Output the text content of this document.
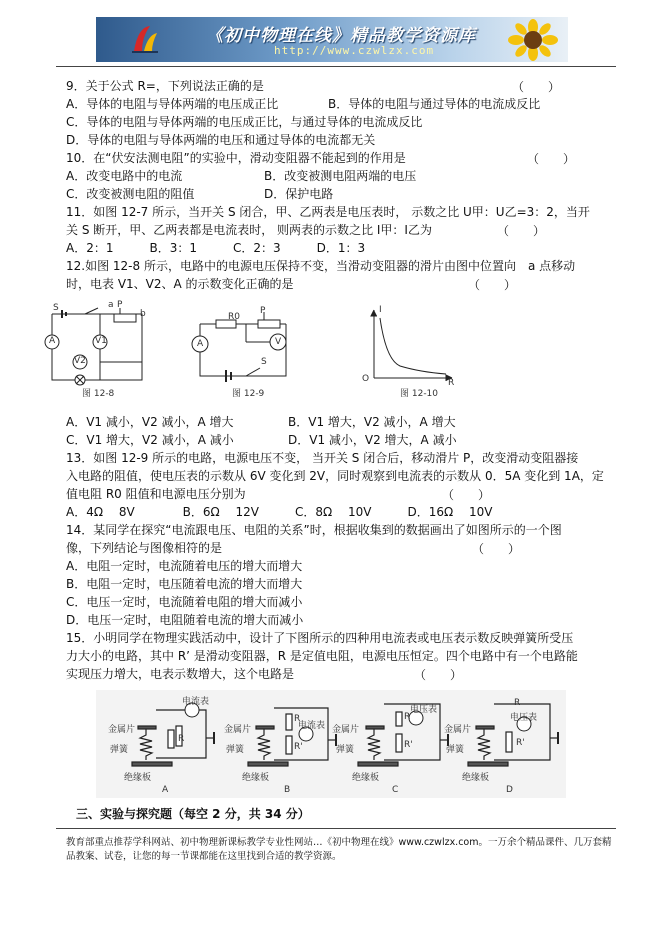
《初中物理在线》精品教学资源库
http://www.czwlzx.com
9．关于公式 R=，下列说法正确的是	（　　）
A．导体的电阻与导体两端的电压成正比	B．导体的电阻与通过导体的电流成反比
C．导体的电阻与导体两端的电压成正比，与通过导体的电流成反比
D．导体的电阻与导体两端的电压和通过导体的电流都无关
10．在“伏安法测电阻”的实验中，滑动变阻器不能起到的作用是	（　　）
A．改变电路中的电流	B．改变被测电阻两端的电压
C．改变被测电阻的阻值	D．保护电路
11．如图 12-7 所示，当开关 S 闭合，甲、乙两表是电压表时， 示数之比 U甲：U乙=3：2，当开
关 S 断开，甲、乙两表都是电流表时， 则两表的示数之比 I甲：I乙为	（　　）
A．2：1　　　B．3：1　　　C．2：3　　　D．1：3
12.如图 12-8 所示，电路中的电源电压保持不变，当滑动变阻器的滑片由图中位置向　a 点移动
时，电表 V1、V2、A 的示数变化正确的是	（　　）
S	a P
b
A	V1
V2
图 12-8
R0
P
A	V
S
图 12-9
I
O	R
图 12-10
A．V1 减小，V2 减小，A 增大	B．V1 增大，V2 减小，A 增大
C．V1 增大，V2 减小，A 减小	D．V1 减小，V2 增大，A 减小
13．如图 12-9 所示的电路，电源电压不变， 当开关 S 闭合后，移动滑片 P，改变滑动变阻器接
入电路的阻值，使电压表的示数从 6V 变化到 2V，同时观察到电流表的示数从 0．5A 变化到 1A，定
值电阻 R0 阻值和电源电压分别为	（　　）
A．4Ω　 8V　　　　B．6Ω　 12V　　　C．8Ω　 10V　　　D．16Ω　 10V
14．某同学在探究“电流跟电压、电阻的关系”时，根据收集到的数据画出了如图所示的一个图
像，下列结论与图像相符的是	（　　）
A．电阻一定时，电流随着电压的增大而增大
B．电阻一定时，电压随着电流的增大而增大
C．电压一定时，电流随着电阻的增大而减小
D．电压一定时，电阻随着电流的增大而减小
15．小明同学在物理实践活动中，设计了下图所示的四种用电流表或电压表示数反映弹簧所受压
力大小的电路，其中 R’ 是滑动变阻器，R 是定值电阻，电源电压恒定。四个电路中有一个电路能
实现压力增大，电表示数增大，这个电路是	（　　）
金属片
弹簧
绝缘板
电流表
R
A
金属片
弹簧
绝缘板
电流表
R
R'
B
金属片
弹簧
绝缘板
电压表
R
R'
C
金属片
弹簧
绝缘板
电压表
R
R'
D
三、实验与探究题（每空 2 分，共 34 分）
教育部重点推荐学科网站、初中物理新课标教学专业性网站…《初中物理在线》www.czwlzx.com。一万余个精品课件、几万套精
品教案、试卷，让您的每一节课都能在这里找到合适的教学资源。
